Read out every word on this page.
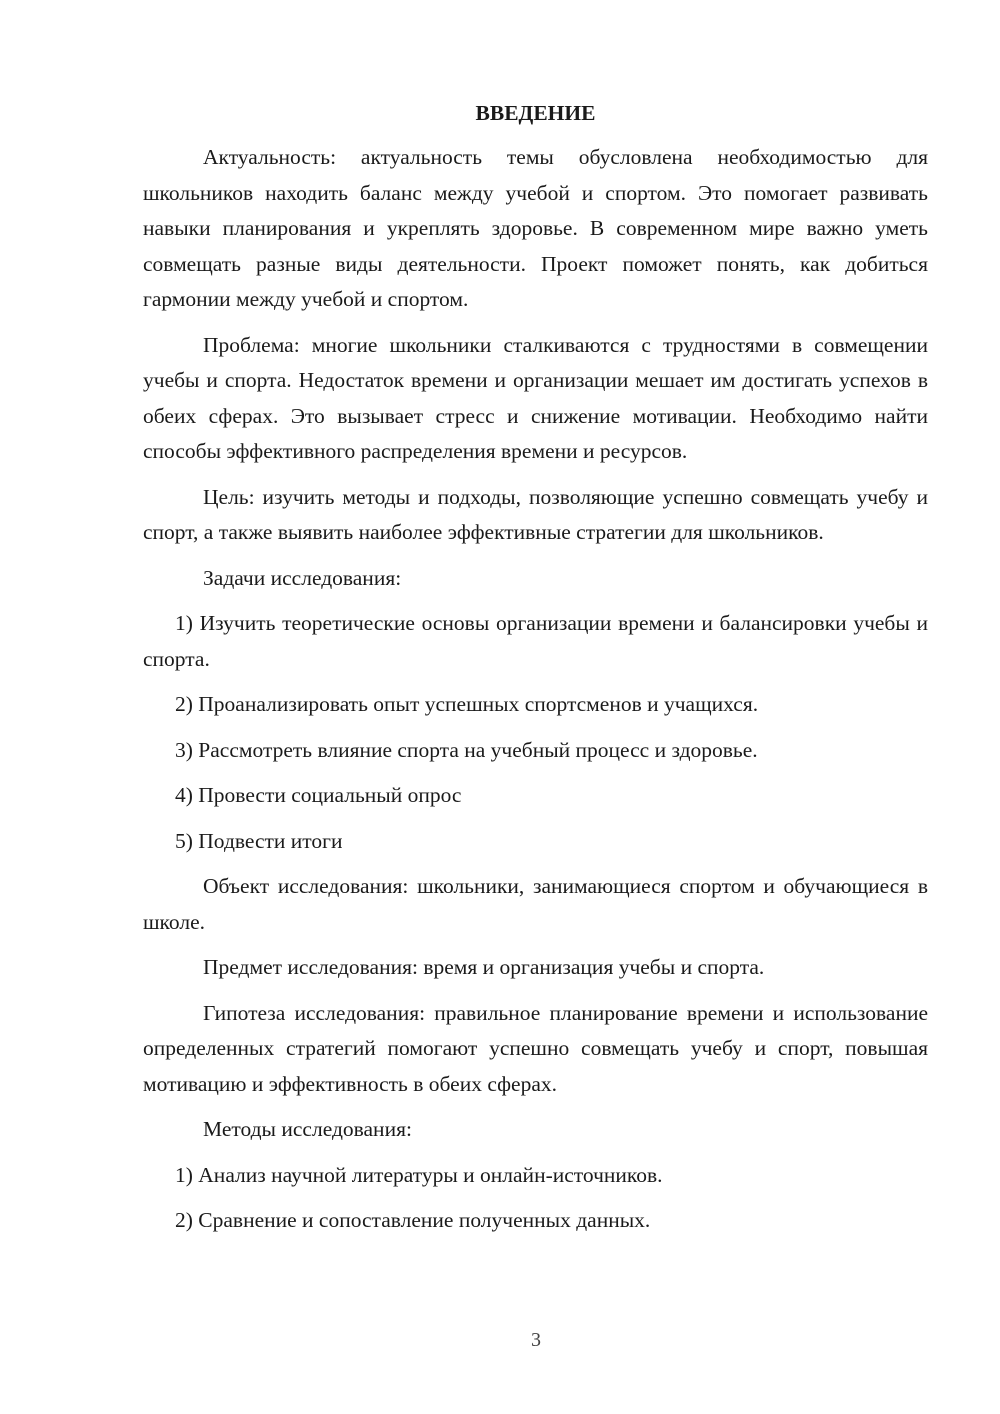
ВВЕДЕНИЕ

Актуальность: актуальность темы обусловлена необходимостью для школьников находить баланс между учебой и спортом. Это помогает развивать навыки планирования и укреплять здоровье. В современном мире важно уметь совмещать разные виды деятельности. Проект поможет понять, как добиться гармонии между учебой и спортом.

Проблема: многие школьники сталкиваются с трудностями в совмещении учебы и спорта. Недостаток времени и организации мешает им достигать успехов в обеих сферах. Это вызывает стресс и снижение мотивации. Необходимо найти способы эффективного распределения времени и ресурсов.

Цель: изучить методы и подходы, позволяющие успешно совмещать учебу и спорт, а также выявить наиболее эффективные стратегии для школьников.

Задачи исследования:

1) Изучить теоретические основы организации времени и балансировки учебы и спорта.

2) Проанализировать опыт успешных спортсменов и учащихся.

3) Рассмотреть влияние спорта на учебный процесс и здоровье.

4) Провести социальный опрос

5) Подвести итоги

Объект исследования: школьники, занимающиеся спортом и обучающиеся в школе.

Предмет исследования: время и организация учебы и спорта.

Гипотеза исследования: правильное планирование времени и использование определенных стратегий помогают успешно совмещать учебу и спорт, повышая мотивацию и эффективность в обеих сферах.

Методы исследования:

1) Анализ научной литературы и онлайн-источников.

2) Сравнение и сопоставление полученных данных.

3
